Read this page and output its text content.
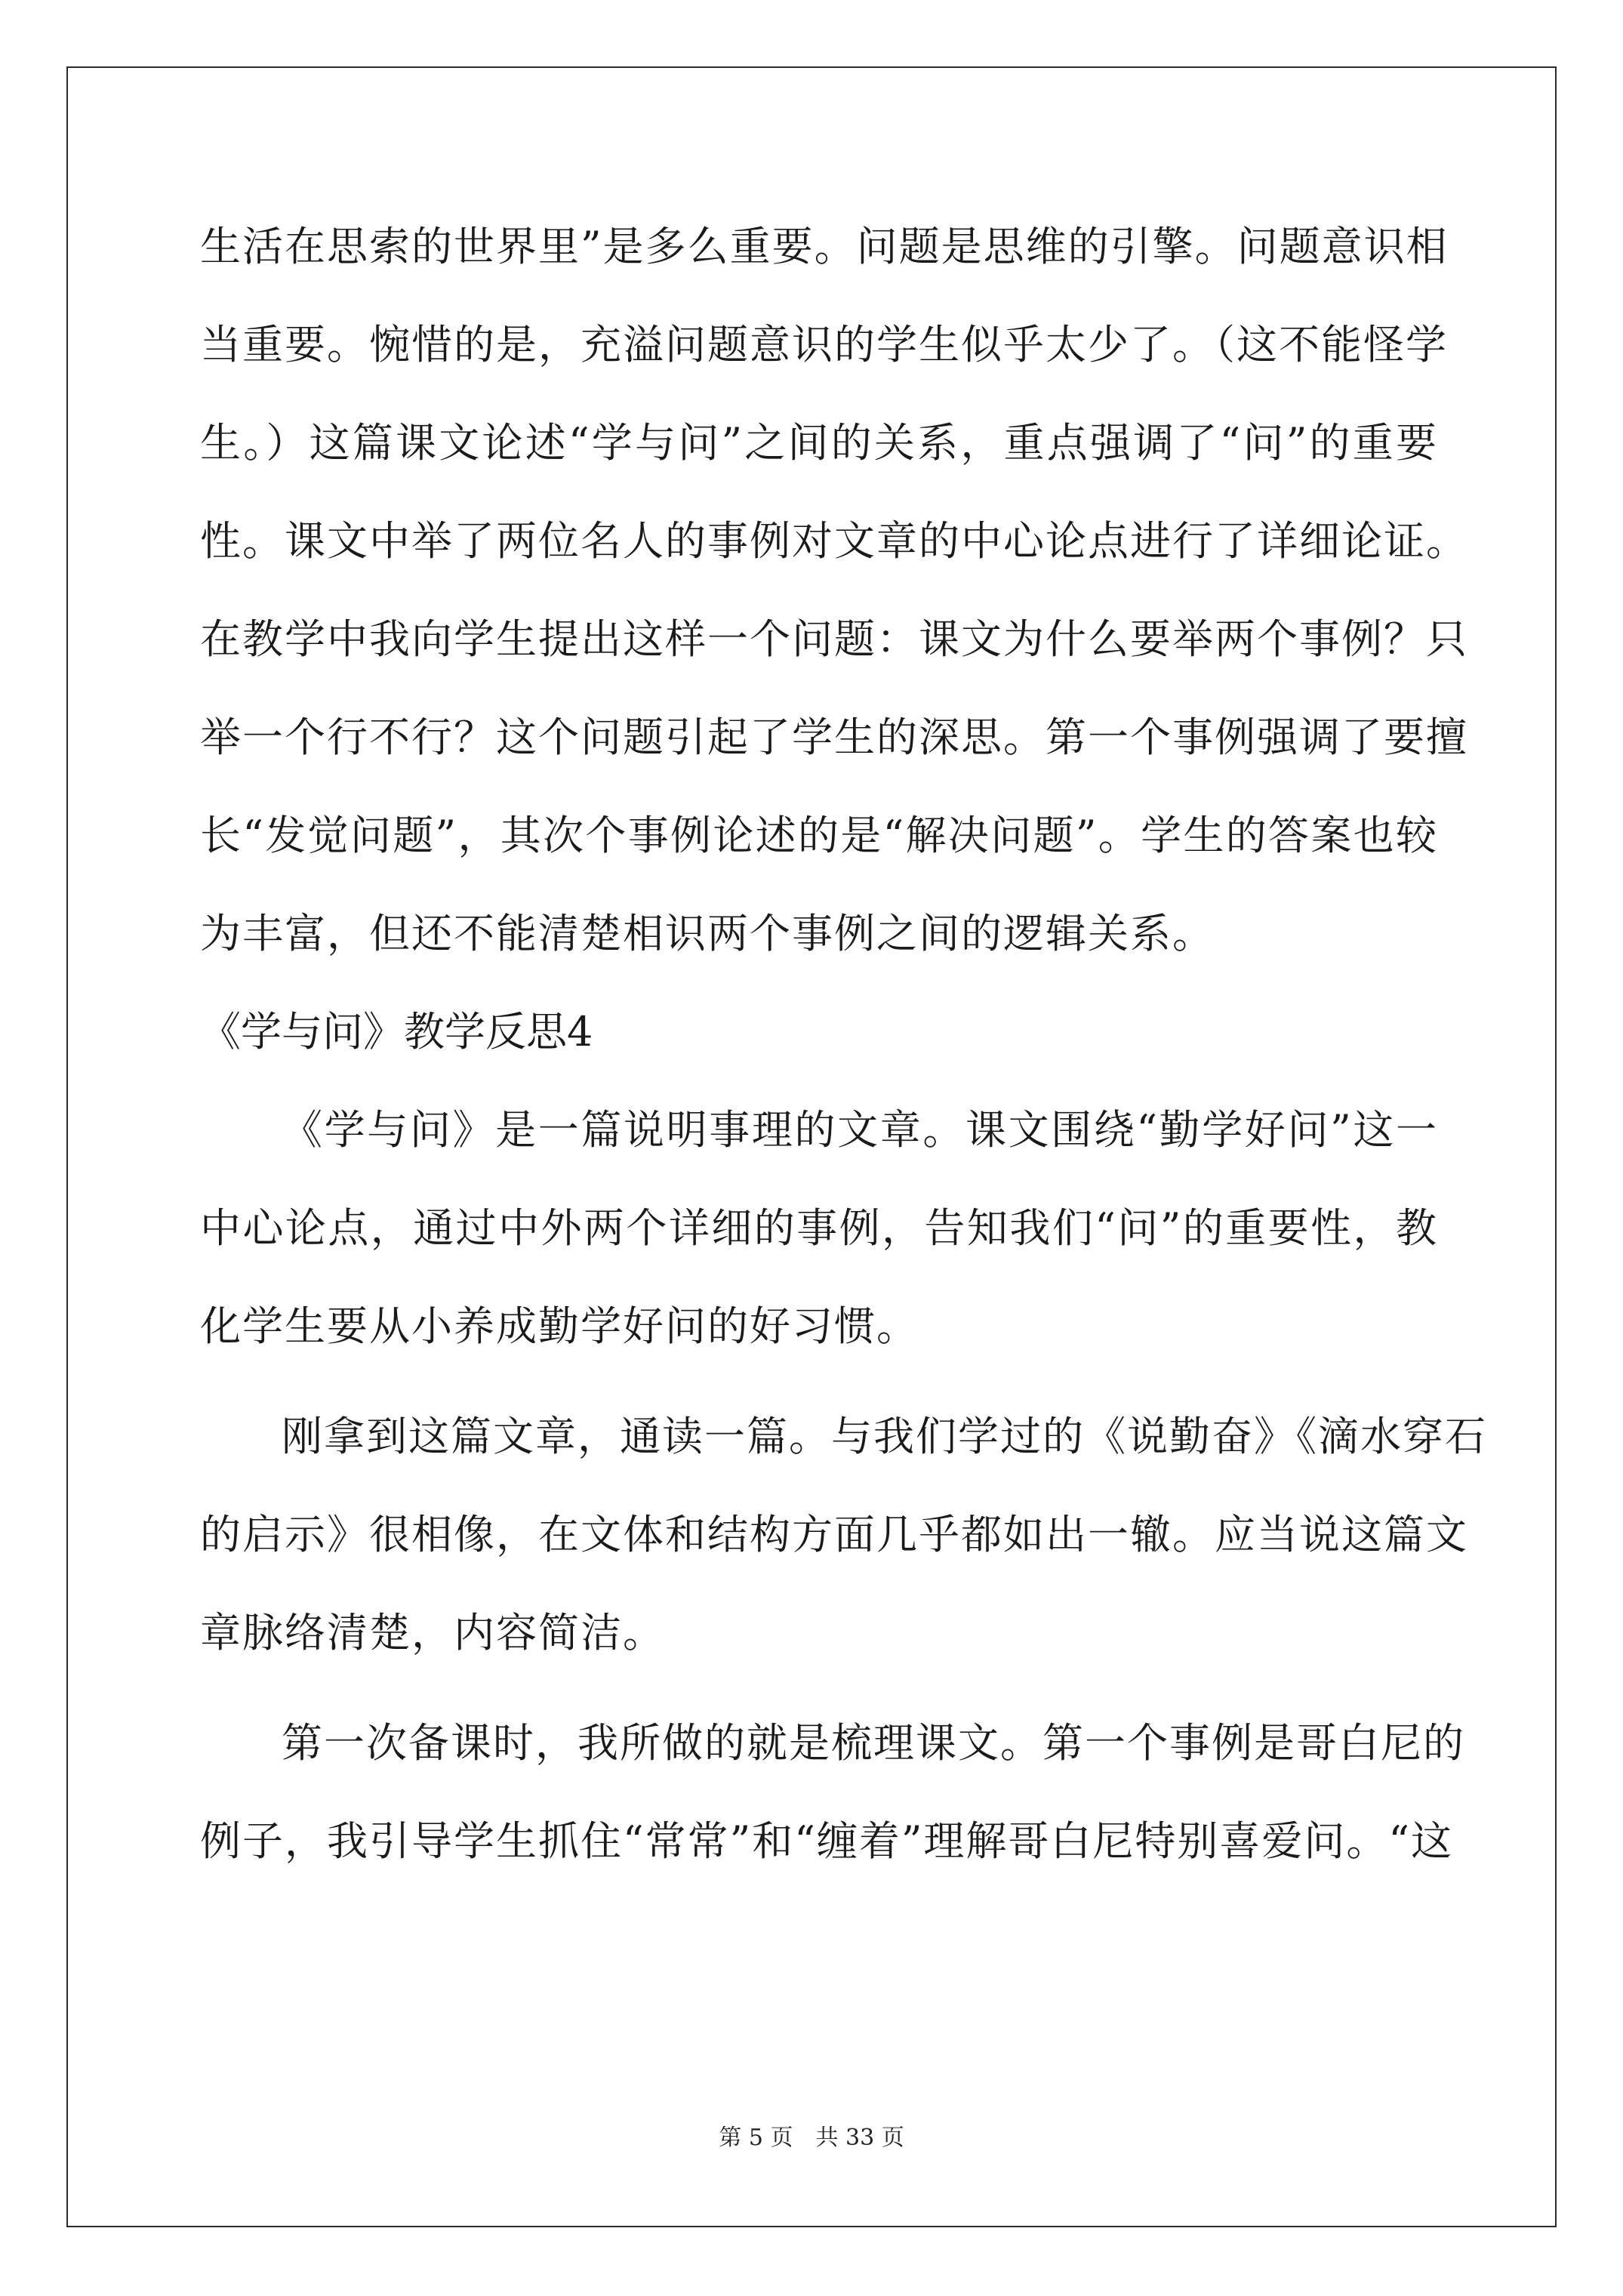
生活在思索的世界里”是多么重要。问题是思维的引擎。问题意识相
当重要。惋惜的是，充溢问题意识的学生似乎太少了。（这不能怪学
生。）这篇课文论述“学与问”之间的关系，重点强调了“问”的重要
性。课文中举了两位名人的事例对文章的中心论点进行了详细论证。
在教学中我向学生提出这样一个问题：课文为什么要举两个事例？只
举一个行不行？这个问题引起了学生的深思。第一个事例强调了要擅
长“发觉问题”，其次个事例论述的是“解决问题”。学生的答案也较
为丰富，但还不能清楚相识两个事例之间的逻辑关系。
《学与问》教学反思4
《学与问》是一篇说明事理的文章。课文围绕“勤学好问”这一
中心论点，通过中外两个详细的事例，告知我们“问”的重要性，教
化学生要从小养成勤学好问的好习惯。
刚拿到这篇文章，通读一篇。与我们学过的《说勤奋》《滴水穿石
的启示》很相像，在文体和结构方面几乎都如出一辙。应当说这篇文
章脉络清楚，内容简洁。
第一次备课时，我所做的就是梳理课文。第一个事例是哥白尼的
例子，我引导学生抓住“常常”和“缠着”理解哥白尼特别喜爱问。“这
第 5 页　共 33 页
